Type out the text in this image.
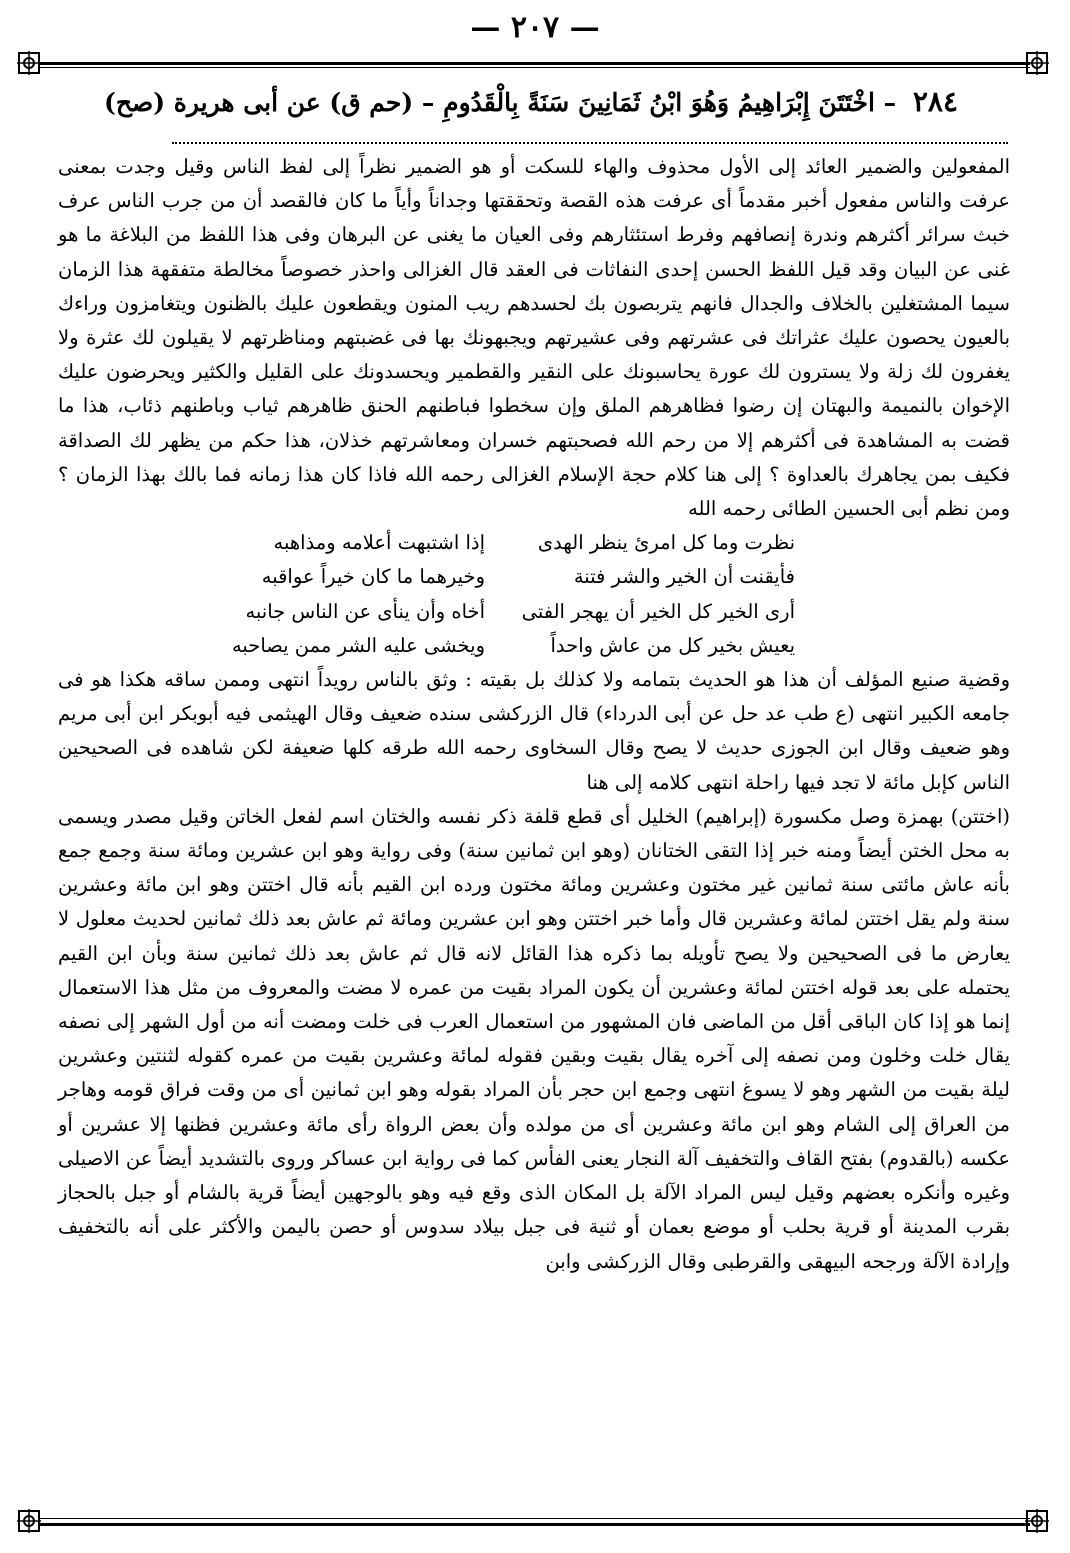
— ٢٠٧ —
٢٨٤ – اخْتَتَنَ إِبْرَاهِيمُ وَهُوَ ابْنُ ثَمَانِينَ سَنَةً بِالْقَدُومِ – (حم ق) عن أبى هريرة (صح)

المفعولين والضمير العائد إلى الأول محذوف والهاء للسكت أو هو الضمير نظراً إلى لفظ الناس وقيل وجدت بمعنى عرفت والناس مفعول أخبر مقدماً أى عرفت هذه القصة وتحققتها وجداناً وأياً ما كان فالقصد أن من جرب الناس عرف خبث سرائر أكثرهم وندرة إنصافهم وفرط استئثارهم وفى العيان ما يغنى عن البرهان وفى هذا اللفظ من البلاغة ما هو غنى عن البيان وقد قيل اللفظ الحسن إحدى النفاثات فى العقد قال الغزالى واحذر خصوصاً مخالطة متفقهة هذا الزمان سيما المشتغلين بالخلاف والجدال فانهم يتربصون بك لحسدهم ريب المنون ويقطعون عليك بالظنون ويتغامزون وراءك بالعيون يحصون عليك عثراتك فى عشرتهم وفى عشيرتهم ويجبهونك بها فى غضبتهم ومناظرتهم لا يقيلون لك عثرة ولا يغفرون لك زلة ولا يسترون لك عورة يحاسبونك على النقير والقطمير ويحسدونك على القليل والكثير ويحرضون عليك الإخوان بالنميمة والبهتان إن رضوا فظاهرهم الملق وإن سخطوا فباطنهم الحنق ظاهرهم ثياب وباطنهم ذئاب، هذا ما قضت به المشاهدة فى أكثرهم إلا من رحم الله فصحبتهم خسران ومعاشرتهم خذلان، هذا حكم من يظهر لك الصداقة فكيف بمن يجاهرك بالعداوة ؟ إلى هنا كلام حجة الإسلام الغزالى رحمه الله فاذا كان هذا زمانه فما بالك بهذا الزمان ؟ ومن نظم أبى الحسين الطائى رحمه الله

نظرت وما كل امرئ ينظر الهدى
إذا اشتبهت أعلامه ومذاهبه
فأيقنت أن الخير والشر فتنة
وخيرهما ما كان خيراً عواقبه
أرى الخير كل الخير أن يهجر الفتى
أخاه وأن ينأى عن الناس جانبه
يعيش بخير كل من عاش واحداً
ويخشى عليه الشر ممن يصاحبه

وقضية صنيع المؤلف أن هذا هو الحديث بتمامه ولا كذلك بل بقيته : وثق بالناس رويداً انتهى وممن ساقه هكذا هو فى جامعه الكبير انتهى (ع طب عد حل عن أبى الدرداء) قال الزركشى سنده ضعيف وقال الهيثمى فيه أبوبكر ابن أبى مريم وهو ضعيف وقال ابن الجوزى حديث لا يصح وقال السخاوى رحمه الله طرقه كلها ضعيفة لكن شاهده فى الصحيحين الناس كإبل مائة لا تجد فيها راحلة انتهى كلامه إلى هنا

(اختتن) بهمزة وصل مكسورة (إبراهيم) الخليل أى قطع قلفة ذكر نفسه والختان اسم لفعل الخاتن وقيل مصدر ويسمى به محل الختن أيضاً ومنه خبر إذا التقى الختانان (وهو ابن ثمانين سنة) وفى رواية وهو ابن عشرين ومائة سنة وجمع جمع بأنه عاش مائتى سنة ثمانين غير مختون وعشرين ومائة مختون ورده ابن القيم بأنه قال اختتن وهو ابن مائة وعشرين سنة ولم يقل اختتن لمائة وعشرين قال وأما خبر اختتن وهو ابن عشرين ومائة ثم عاش بعد ذلك ثمانين لحديث معلول لا يعارض ما فى الصحيحين ولا يصح تأويله بما ذكره هذا القائل لانه قال ثم عاش بعد ذلك ثمانين سنة وبأن ابن القيم يحتمله على بعد قوله اختتن لمائة وعشرين أن يكون المراد بقيت من عمره لا مضت والمعروف من مثل هذا الاستعمال إنما هو إذا كان الباقى أقل من الماضى فان المشهور من استعمال العرب فى خلت ومضت أنه من أول الشهر إلى نصفه يقال خلت وخلون ومن نصفه إلى آخره يقال بقيت وبقين فقوله لمائة وعشرين بقيت من عمره كقوله لثنتين وعشرين ليلة بقيت من الشهر وهو لا يسوغ انتهى وجمع ابن حجر بأن المراد بقوله وهو ابن ثمانين أى من وقت فراق قومه وهاجر من العراق إلى الشام وهو ابن مائة وعشرين أى من مولده وأن بعض الرواة رأى مائة وعشرين فظنها إلا عشرين أو عكسه (بالقدوم) بفتح القاف والتخفيف آلة النجار يعنى الفأس كما فى رواية ابن عساكر وروى بالتشديد أيضاً عن الاصيلى وغيره وأنكره بعضهم وقيل ليس المراد الآلة بل المكان الذى وقع فيه وهو بالوجهين أيضاً قرية بالشام أو جبل بالحجاز بقرب المدينة أو قرية بحلب أو موضع بعمان أو ثنية فى جبل بيلاد سدوس أو حصن باليمن والأكثر على أنه بالتخفيف وإرادة الآلة ورجحه البيهقى والقرطبى وقال الزركشى وابن
